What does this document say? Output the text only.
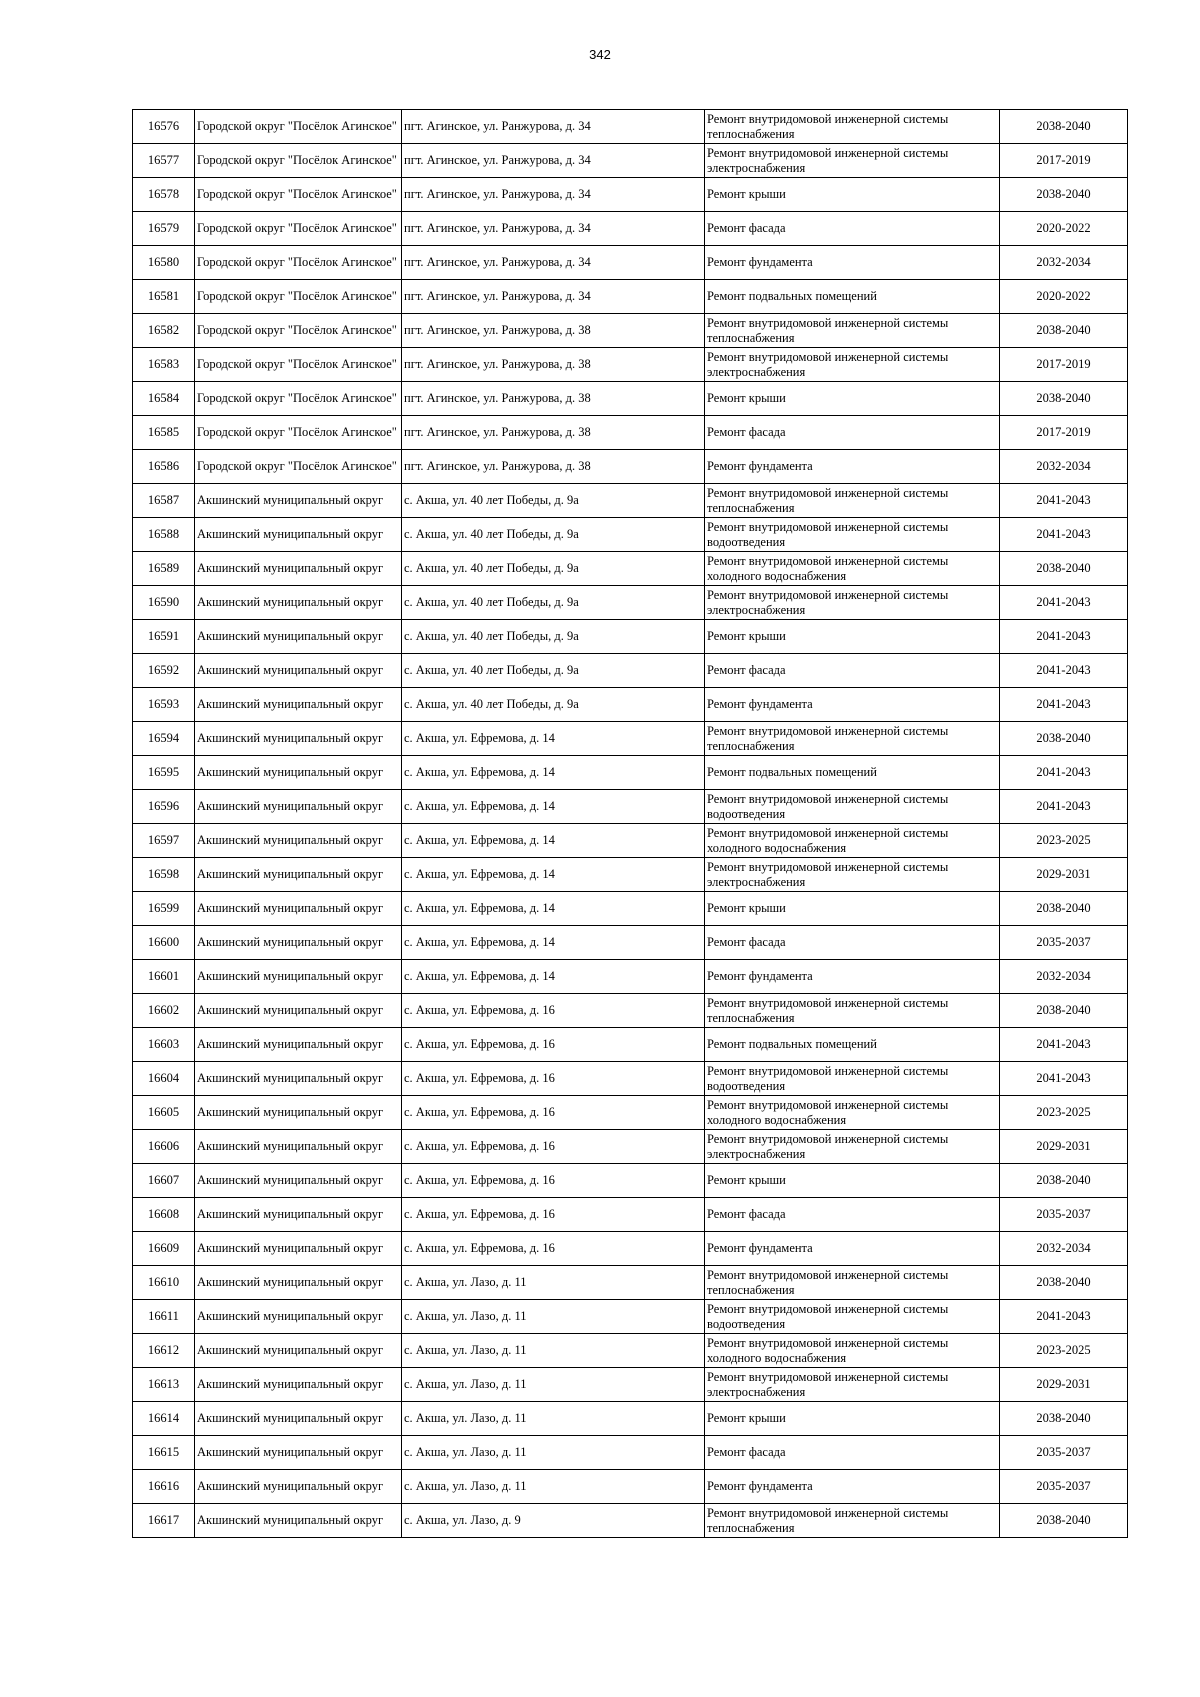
342
16576	Городской округ "Посёлок Агинское"	пгт. Агинское, ул. Ранжурова, д. 34	Ремонт внутридомовой инженерной системы теплоснабжения	2038-2040
16577	Городской округ "Посёлок Агинское"	пгт. Агинское, ул. Ранжурова, д. 34	Ремонт внутридомовой инженерной системы электроснабжения	2017-2019
16578	Городской округ "Посёлок Агинское"	пгт. Агинское, ул. Ранжурова, д. 34	Ремонт крыши	2038-2040
16579	Городской округ "Посёлок Агинское"	пгт. Агинское, ул. Ранжурова, д. 34	Ремонт фасада	2020-2022
16580	Городской округ "Посёлок Агинское"	пгт. Агинское, ул. Ранжурова, д. 34	Ремонт фундамента	2032-2034
16581	Городской округ "Посёлок Агинское"	пгт. Агинское, ул. Ранжурова, д. 34	Ремонт подвальных помещений	2020-2022
16582	Городской округ "Посёлок Агинское"	пгт. Агинское, ул. Ранжурова, д. 38	Ремонт внутридомовой инженерной системы теплоснабжения	2038-2040
16583	Городской округ "Посёлок Агинское"	пгт. Агинское, ул. Ранжурова, д. 38	Ремонт внутридомовой инженерной системы электроснабжения	2017-2019
16584	Городской округ "Посёлок Агинское"	пгт. Агинское, ул. Ранжурова, д. 38	Ремонт крыши	2038-2040
16585	Городской округ "Посёлок Агинское"	пгт. Агинское, ул. Ранжурова, д. 38	Ремонт фасада	2017-2019
16586	Городской округ "Посёлок Агинское"	пгт. Агинское, ул. Ранжурова, д. 38	Ремонт фундамента	2032-2034
16587	Акшинский муниципальный округ	с. Акша, ул. 40 лет Победы, д. 9а	Ремонт внутридомовой инженерной системы теплоснабжения	2041-2043
16588	Акшинский муниципальный округ	с. Акша, ул. 40 лет Победы, д. 9а	Ремонт внутридомовой инженерной системы водоотведения	2041-2043
16589	Акшинский муниципальный округ	с. Акша, ул. 40 лет Победы, д. 9а	Ремонт внутридомовой инженерной системы холодного водоснабжения	2038-2040
16590	Акшинский муниципальный округ	с. Акша, ул. 40 лет Победы, д. 9а	Ремонт внутридомовой инженерной системы электроснабжения	2041-2043
16591	Акшинский муниципальный округ	с. Акша, ул. 40 лет Победы, д. 9а	Ремонт крыши	2041-2043
16592	Акшинский муниципальный округ	с. Акша, ул. 40 лет Победы, д. 9а	Ремонт фасада	2041-2043
16593	Акшинский муниципальный округ	с. Акша, ул. 40 лет Победы, д. 9а	Ремонт фундамента	2041-2043
16594	Акшинский муниципальный округ	с. Акша, ул. Ефремова, д. 14	Ремонт внутридомовой инженерной системы теплоснабжения	2038-2040
16595	Акшинский муниципальный округ	с. Акша, ул. Ефремова, д. 14	Ремонт подвальных помещений	2041-2043
16596	Акшинский муниципальный округ	с. Акша, ул. Ефремова, д. 14	Ремонт внутридомовой инженерной системы водоотведения	2041-2043
16597	Акшинский муниципальный округ	с. Акша, ул. Ефремова, д. 14	Ремонт внутридомовой инженерной системы холодного водоснабжения	2023-2025
16598	Акшинский муниципальный округ	с. Акша, ул. Ефремова, д. 14	Ремонт внутридомовой инженерной системы электроснабжения	2029-2031
16599	Акшинский муниципальный округ	с. Акша, ул. Ефремова, д. 14	Ремонт крыши	2038-2040
16600	Акшинский муниципальный округ	с. Акша, ул. Ефремова, д. 14	Ремонт фасада	2035-2037
16601	Акшинский муниципальный округ	с. Акша, ул. Ефремова, д. 14	Ремонт фундамента	2032-2034
16602	Акшинский муниципальный округ	с. Акша, ул. Ефремова, д. 16	Ремонт внутридомовой инженерной системы теплоснабжения	2038-2040
16603	Акшинский муниципальный округ	с. Акша, ул. Ефремова, д. 16	Ремонт подвальных помещений	2041-2043
16604	Акшинский муниципальный округ	с. Акша, ул. Ефремова, д. 16	Ремонт внутридомовой инженерной системы водоотведения	2041-2043
16605	Акшинский муниципальный округ	с. Акша, ул. Ефремова, д. 16	Ремонт внутридомовой инженерной системы холодного водоснабжения	2023-2025
16606	Акшинский муниципальный округ	с. Акша, ул. Ефремова, д. 16	Ремонт внутридомовой инженерной системы электроснабжения	2029-2031
16607	Акшинский муниципальный округ	с. Акша, ул. Ефремова, д. 16	Ремонт крыши	2038-2040
16608	Акшинский муниципальный округ	с. Акша, ул. Ефремова, д. 16	Ремонт фасада	2035-2037
16609	Акшинский муниципальный округ	с. Акша, ул. Ефремова, д. 16	Ремонт фундамента	2032-2034
16610	Акшинский муниципальный округ	с. Акша, ул. Лазо, д. 11	Ремонт внутридомовой инженерной системы теплоснабжения	2038-2040
16611	Акшинский муниципальный округ	с. Акша, ул. Лазо, д. 11	Ремонт внутридомовой инженерной системы водоотведения	2041-2043
16612	Акшинский муниципальный округ	с. Акша, ул. Лазо, д. 11	Ремонт внутридомовой инженерной системы холодного водоснабжения	2023-2025
16613	Акшинский муниципальный округ	с. Акша, ул. Лазо, д. 11	Ремонт внутридомовой инженерной системы электроснабжения	2029-2031
16614	Акшинский муниципальный округ	с. Акша, ул. Лазо, д. 11	Ремонт крыши	2038-2040
16615	Акшинский муниципальный округ	с. Акша, ул. Лазо, д. 11	Ремонт фасада	2035-2037
16616	Акшинский муниципальный округ	с. Акша, ул. Лазо, д. 11	Ремонт фундамента	2035-2037
16617	Акшинский муниципальный округ	с. Акша, ул. Лазо, д. 9	Ремонт внутридомовой инженерной системы теплоснабжения	2038-2040
